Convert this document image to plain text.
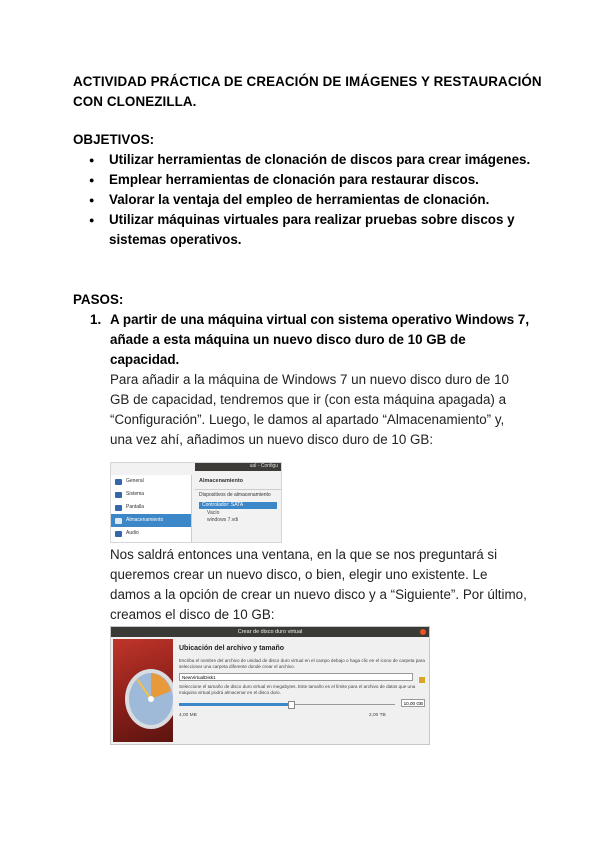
ACTIVIDAD PRÁCTICA DE CREACIÓN DE IMÁGENES Y RESTAURACIÓN CON CLONEZILLA.
OBJETIVOS:
● Utilizar herramientas de clonación de discos para crear imágenes.
● Emplear herramientas de clonación para restaurar discos.
● Valorar la ventaja del empleo de herramientas de clonación.
● Utilizar máquinas virtuales para realizar pruebas sobre discos y sistemas operativos.
PASOS:
1. A partir de una máquina virtual con sistema operativo Windows 7, añade a esta máquina un nuevo disco duro de 10 GB de capacidad.
Para añadir a la máquina de Windows 7 un nuevo disco duro de 10 GB de capacidad, tendremos que ir (con esta máquina apagada) a “Configuración”. Luego, le damos al apartado “Almacenamiento” y, una vez ahí, añadimos un nuevo disco duro de 10 GB:
ual - Configu
General
Sistema
Pantalla
Almacenamiento
Audio
Almacenamiento
Dispositivos de almacenamiento
Controlador: SATA
Vacío
windows 7.vdi
Nos saldrá entonces una ventana, en la que se nos preguntará si queremos crear un nuevo disco, o bien, elegir uno existente. Le damos a la opción de crear un nuevo disco y a “Siguiente”. Por último, creamos el disco de 10 GB:
Crear de disco duro virtual
Ubicación del archivo y tamaño
Escriba el nombre del archivo de unidad de disco duro virtual en el campo debajo o haga clic en el icono de carpeta para seleccionar una carpeta diferente donde crear el archivo.
NewVirtualDisk1
Seleccione el tamaño de disco duro virtual en megabytes. Este tamaño es el límite para el archivo de datos que una máquina virtual podrá almacenar en el disco duro.
10,00 GB
4,00 MB	2,00 TB
